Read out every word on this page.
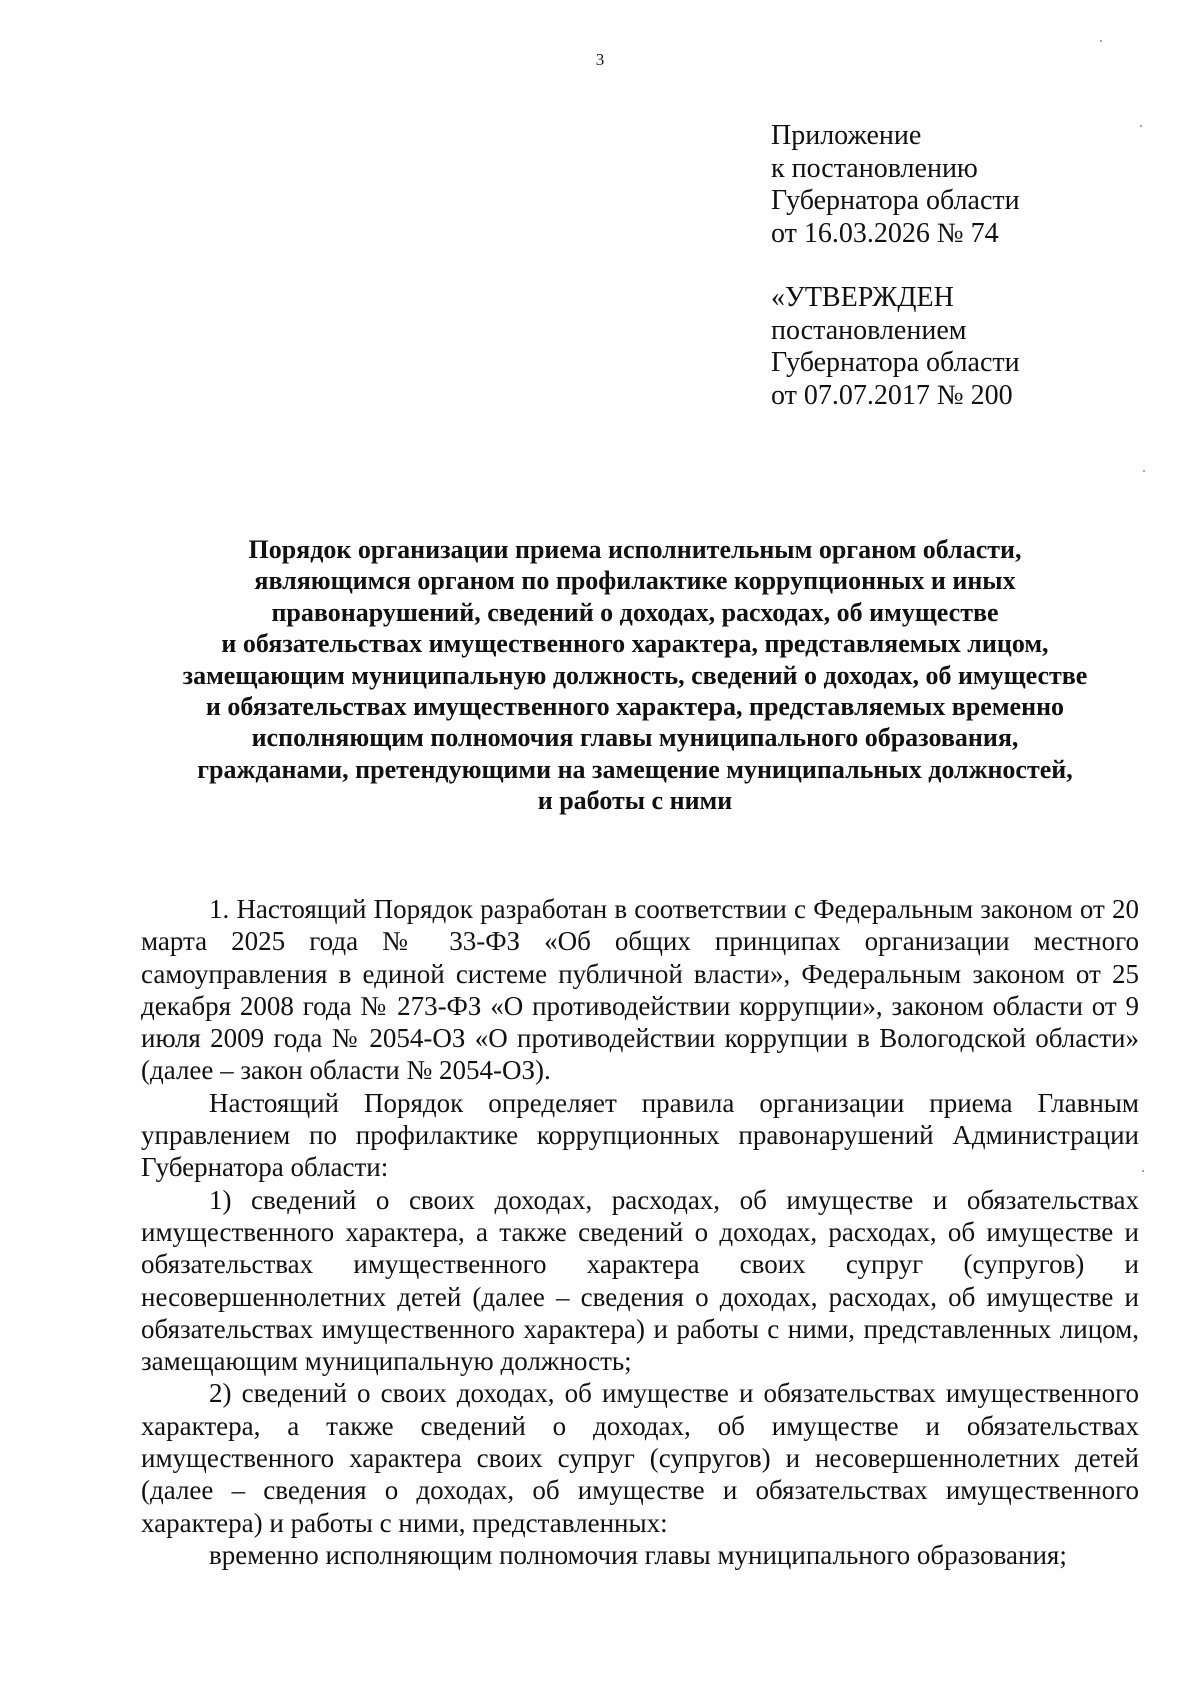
3
Приложение
к постановлению
Губернатора области
от 16.03.2026 № 74
«УТВЕРЖДЕН
постановлением
Губернатора области
от 07.07.2017 № 200
Порядок организации приема исполнительным органом области,
являющимся органом по профилактике коррупционных и иных
правонарушений, сведений о доходах, расходах, об имуществе
и обязательствах имущественного характера, представляемых лицом,
замещающим муниципальную должность, сведений о доходах, об имуществе
и обязательствах имущественного характера, представляемых временно
исполняющим полномочия главы муниципального образования,
гражданами, претендующими на замещение муниципальных должностей,
и работы с ними

1. Настоящий Порядок разработан в соответствии с Федеральным законом от 20 марта 2025 года № 33-ФЗ «Об общих принципах организации местного самоуправления в единой системе публичной власти», Федеральным законом от 25 декабря 2008 года № 273-ФЗ «О противодействии коррупции», законом области от 9 июля 2009 года № 2054-ОЗ «О противодействии коррупции в Вологодской области» (далее – закон области № 2054-ОЗ).

Настоящий Порядок определяет правила организации приема Главным управлением по профилактике коррупционных правонарушений Администрации Губернатора области:

1) сведений о своих доходах, расходах, об имуществе и обязательствах имущественного характера, а также сведений о доходах, расходах, об имуществе и обязательствах имущественного характера своих супруг (супругов) и несовершеннолетних детей (далее – сведения о доходах, расходах, об имуществе и обязательствах имущественного характера) и работы с ними, представленных лицом, замещающим муниципальную должность;

2) сведений о своих доходах, об имуществе и обязательствах имущественного характера, а также сведений о доходах, об имуществе и обязательствах имущественного характера своих супруг (супругов) и несовершеннолетних детей (далее – сведения о доходах, об имуществе и обязательствах имущественного характера) и работы с ними, представленных:

временно исполняющим полномочия главы муниципального образования;
